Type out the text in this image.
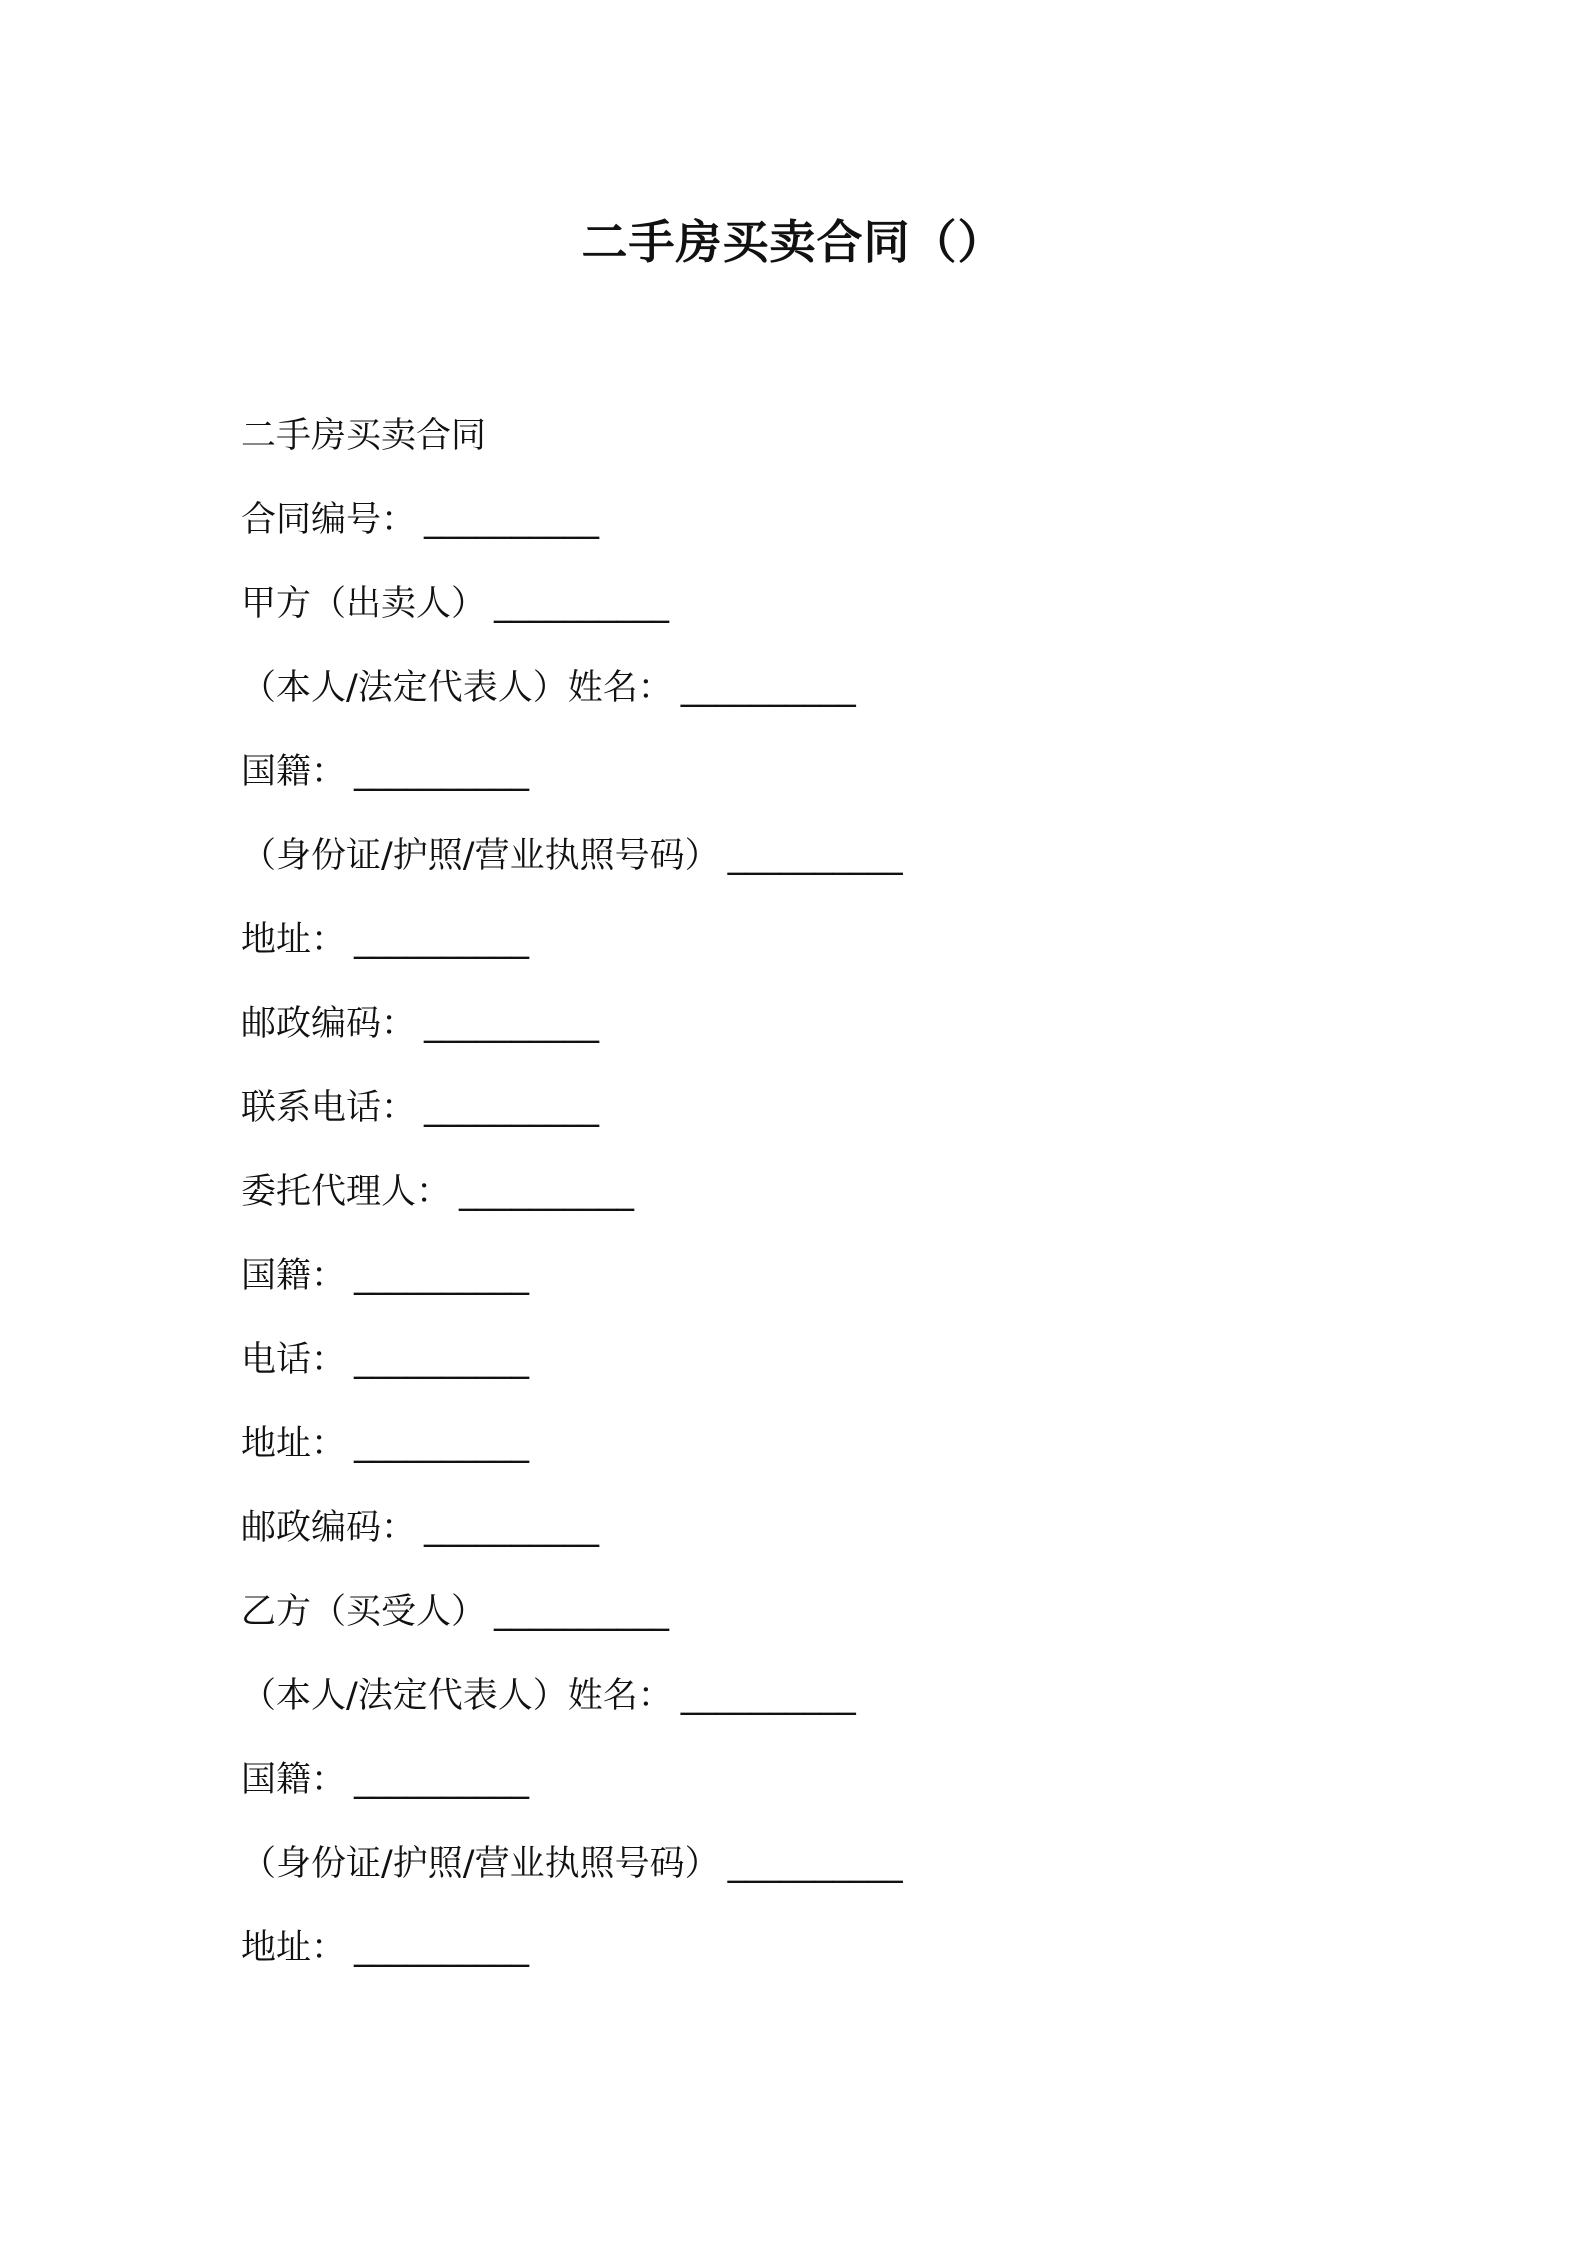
二手房买卖合同（）
二手房买卖合同
合同编号： __________
甲方（出卖人） __________
（本人/法定代表人）姓名： __________
国籍： __________
（身份证/护照/营业执照号码） __________
地址： __________
邮政编码： __________
联系电话： __________
委托代理人： __________
国籍： __________
电话： __________
地址： __________
邮政编码： __________
乙方（买受人） __________
（本人/法定代表人）姓名： __________
国籍： __________
（身份证/护照/营业执照号码） __________
地址： __________
